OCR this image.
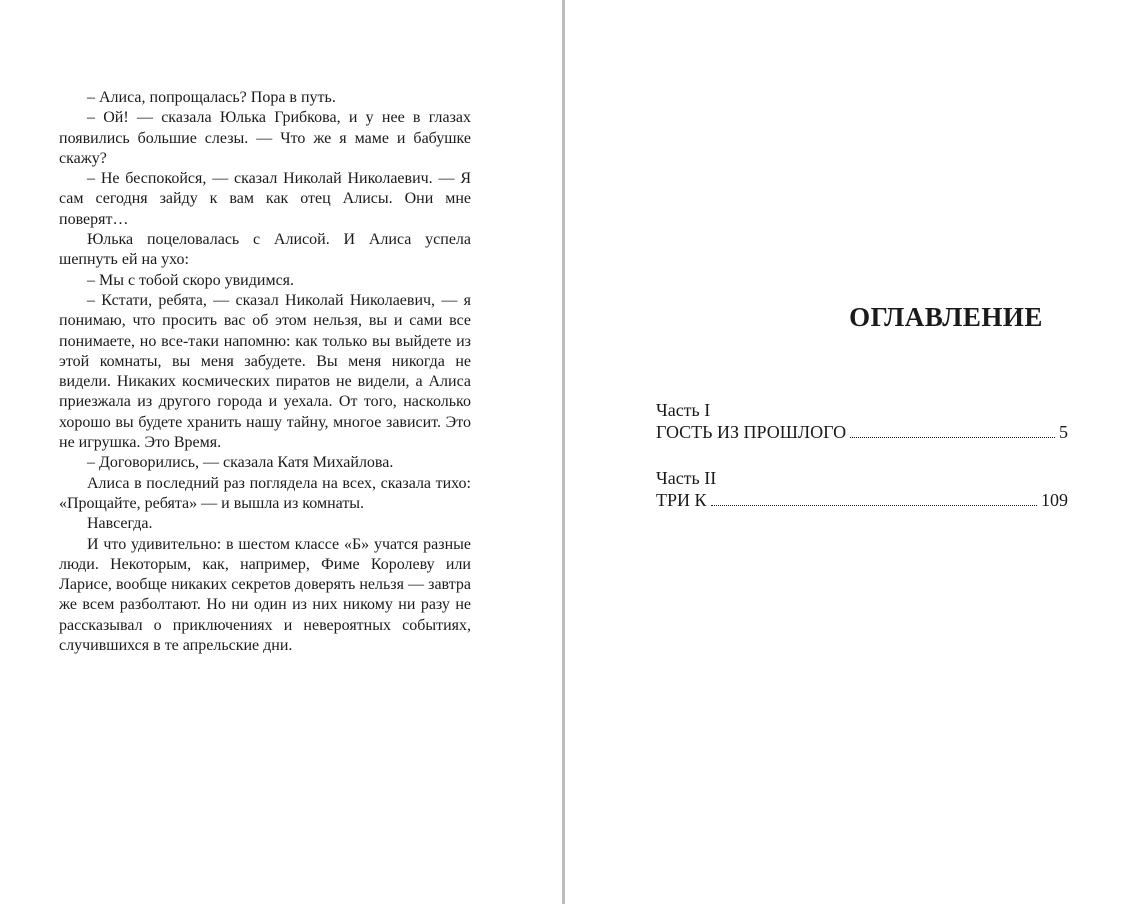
– Алиса, попрощалась? Пора в путь.

– Ой! — сказала Юлька Грибкова, и у нее в глазах появились большие слезы. — Что же я маме и бабушке скажу?

– Не беспокойся, — сказал Николай Николаевич. — Я сам сегодня зайду к вам как отец Алисы. Они мне поверят…

Юлька поцеловалась с Алисой. И Алиса успела шепнуть ей на ухо:

– Мы с тобой скоро увидимся.

– Кстати, ребята, — сказал Николай Николаевич, — я понимаю, что просить вас об этом нельзя, вы и сами все понимаете, но все-таки напомню: как только вы выйдете из этой комнаты, вы меня забудете. Вы меня никогда не видели. Никаких космических пиратов не видели, а Алиса приезжала из другого города и уехала. От того, насколько хорошо вы будете хранить нашу тайну, многое зависит. Это не игрушка. Это Время.

– Договорились, — сказала Катя Михайлова.

Алиса в последний раз поглядела на всех, сказала тихо: «Прощайте, ребята» — и вышла из комнаты.

Навсегда.

И что удивительно: в шестом классе «Б» учатся разные люди. Некоторым, как, например, Фиме Королеву или Ларисе, вообще никаких секретов доверять нельзя — завтра же всем разболтают. Но ни один из них никому ни разу не рассказывал о приключениях и невероятных событиях, случившихся в те апрельские дни.

ОГЛАВЛЕНИЕ
Часть I
ГОСТЬ ИЗ ПРОШЛОГО	5
Часть II
ТРИ К	109
